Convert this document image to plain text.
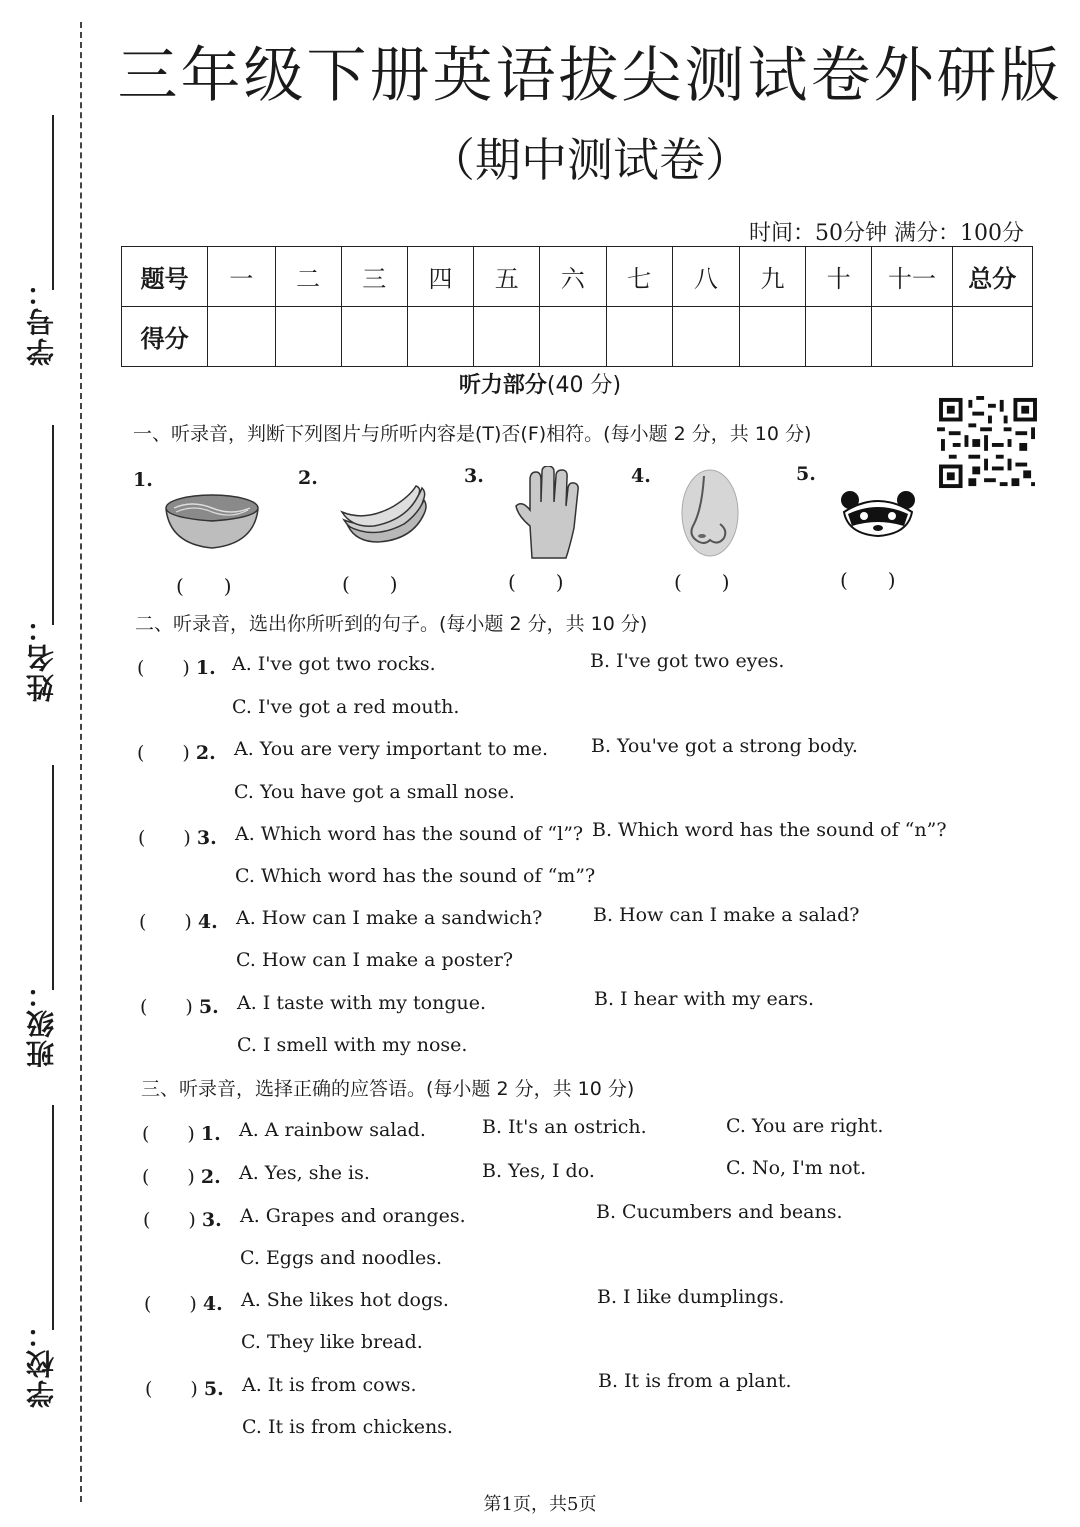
学号：
姓名：
班级：
学校：
三年级下册英语拔尖测试卷外研版
（期中测试卷）
时间：50分钟 满分：100分
题号	一	二	三	四	五	六	七	八	九	十	十一	总分
得分												
听力部分(40 分)
一、听录音，判断下列图片与所听内容是(T)否(F)相符。(每小题 2 分，共 10 分)
1.	2.	3.	4.	5.
(　　)	(　　)	(　　)	(　　)	(　　)
二、听录音，选出你所听到的句子。(每小题 2 分，共 10 分)
(　　) 1. A. I've got two rocks.	B. I've got two eyes.
C. I've got a red mouth.
(　　) 2. A. You are very important to me. B. You've got a strong body.
C. You have got a small nose.
(　　) 3. A. Which word has the sound of “l”? B. Which word has the sound of “n”?
C. Which word has the sound of “m”?
(　　) 4. A. How can I make a sandwich?	B. How can I make a salad?
C. How can I make a poster?
(　　) 5. A. I taste with my tongue.	B. I hear with my ears.
C. I smell with my nose.
三、听录音，选择正确的应答语。(每小题 2 分，共 10 分)
(　　) 1. A. A rainbow salad.	B. It's an ostrich.	C. You are right.
(　　) 2. A. Yes, she is.	B. Yes, I do.	C. No, I'm not.
(　　) 3. A. Grapes and oranges.	B. Cucumbers and beans.
C. Eggs and noodles.
(　　) 4. A. She likes hot dogs.	B. I like dumplings.
C. They like bread.
(　　) 5. A. It is from cows.	B. It is from a plant.
C. It is from chickens.
第1页，共5页
